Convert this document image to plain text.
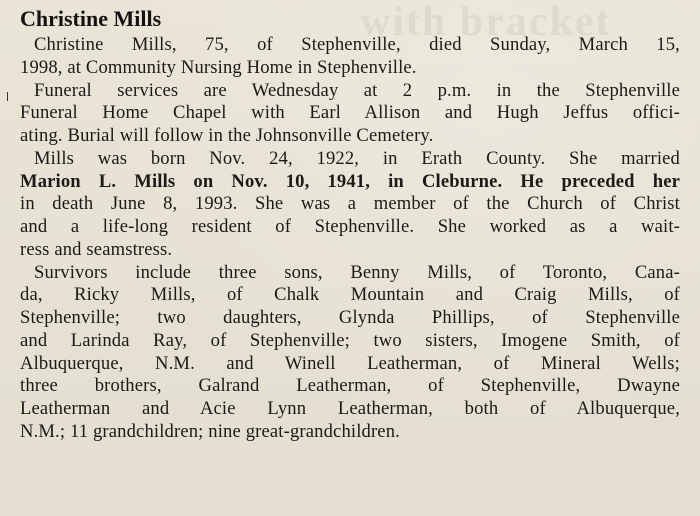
with bracket
Christine Mills
Christine Mills, 75, of Stephenville, died Sunday, March 15,
1998, at Community Nursing Home in Stephenville.
Funeral services are Wednesday at 2 p.m. in the Stephenville
Funeral Home Chapel with Earl Allison and Hugh Jeffus offici-
ating. Burial will follow in the Johnsonville Cemetery.
Mills was born Nov. 24, 1922, in Erath County. She married
Marion L. Mills on Nov. 10, 1941, in Cleburne. He preceded her
in death June 8, 1993. She was a member of the Church of Christ
and a life-long resident of Stephenville. She worked as a wait-
ress and seamstress.
Survivors include three sons, Benny Mills, of Toronto, Cana-
da, Ricky Mills, of Chalk Mountain and Craig Mills, of
Stephenville; two daughters, Glynda Phillips, of Stephenville
and Larinda Ray, of Stephenville; two sisters, Imogene Smith, of
Albuquerque, N.M. and Winell Leatherman, of Mineral Wells;
three brothers, Galrand Leatherman, of Stephenville, Dwayne
Leatherman and Acie Lynn Leatherman, both of Albuquerque,
N.M.; 11 grandchildren; nine great-grandchildren.
